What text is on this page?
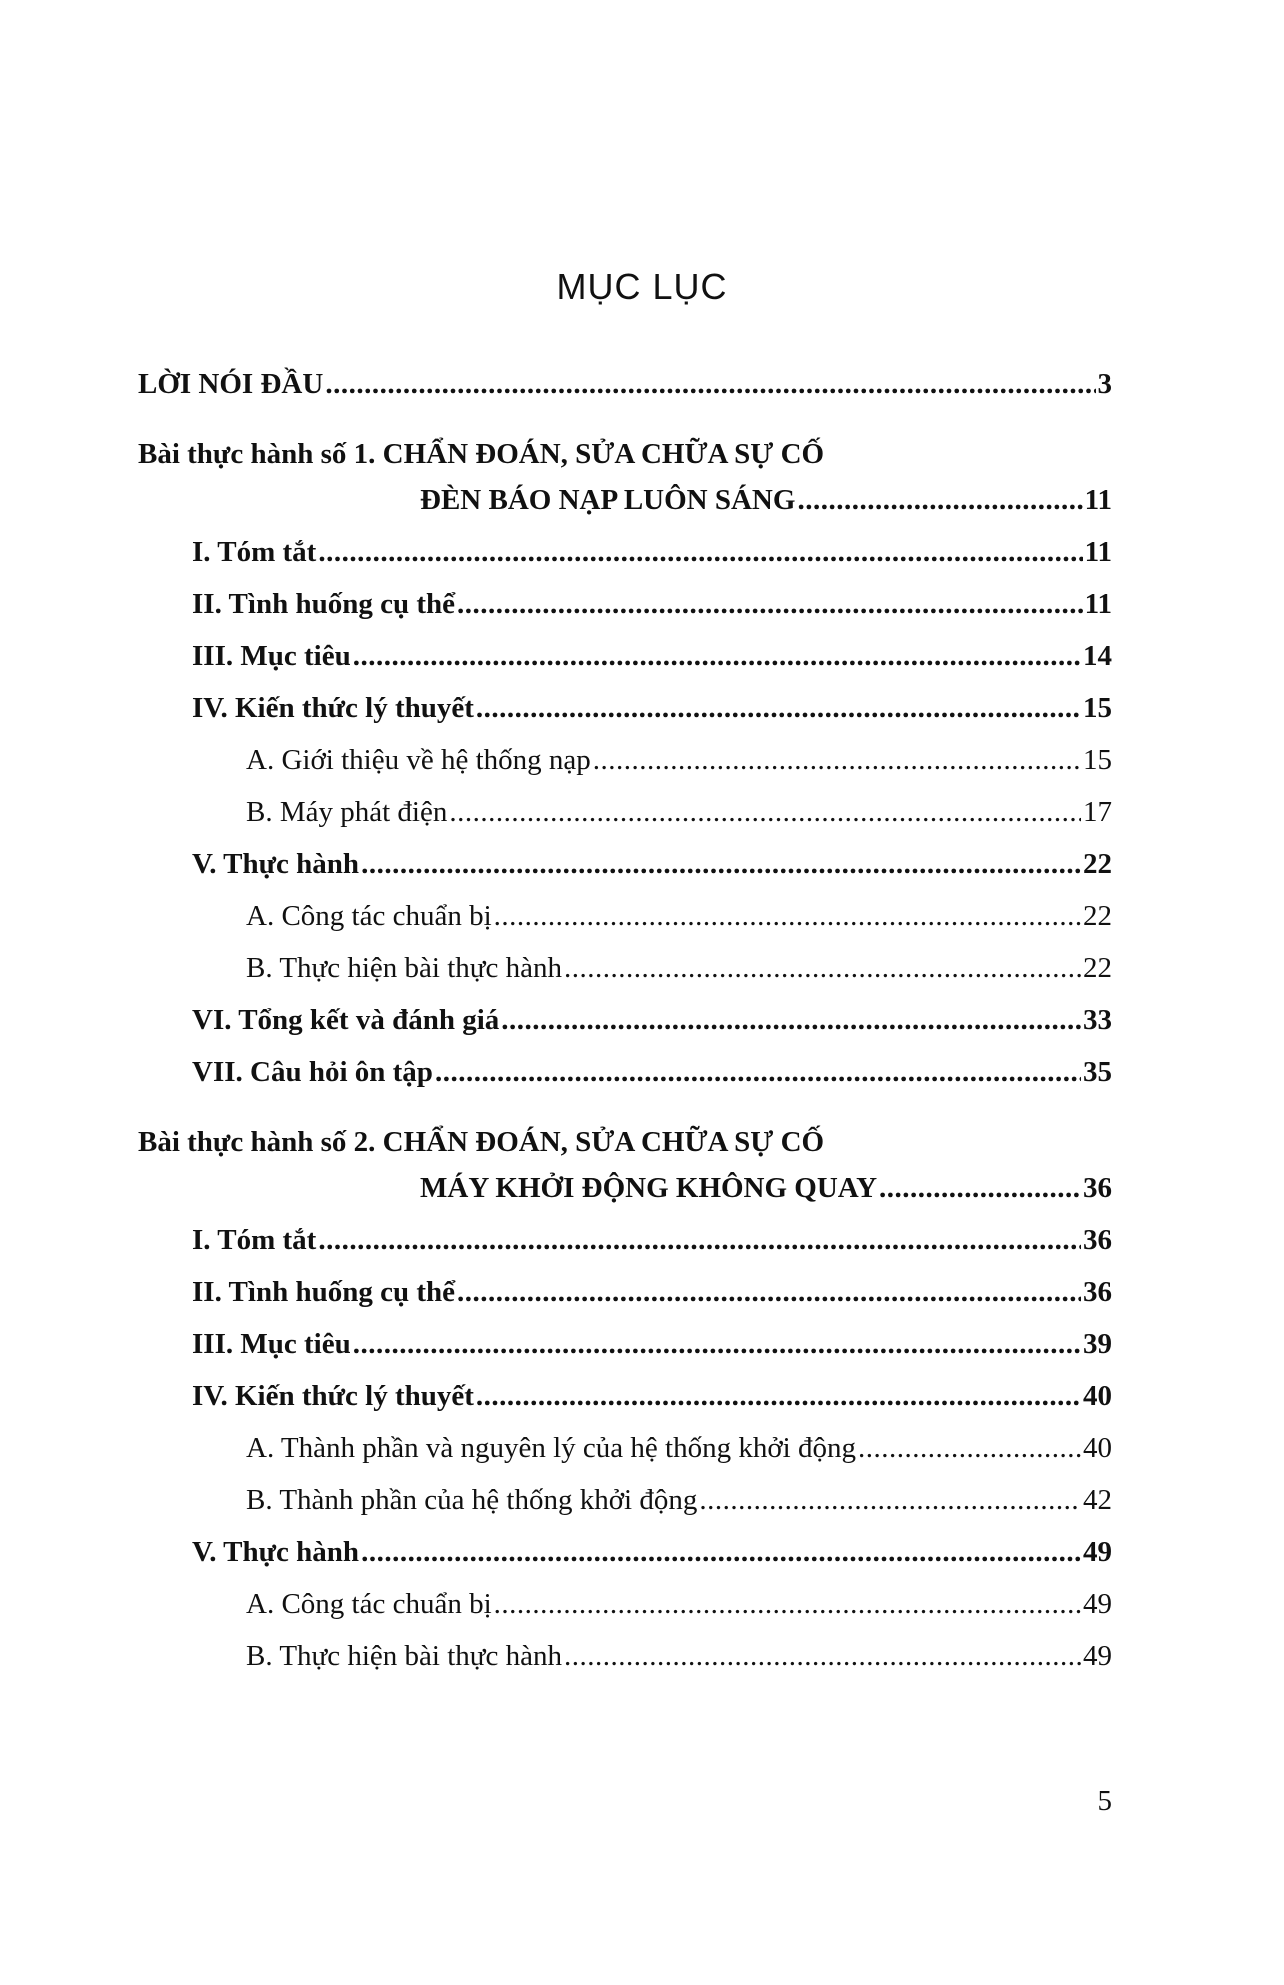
MỤC LỤC
LỜI NÓI ĐẦU .....	3
Bài thực hành số 1. CHẨN ĐOÁN, SỬA CHỮA SỰ CỐ
ĐÈN BÁO NẠP LUÔN SÁNG .....	11
I. Tóm tắt .....	11
II. Tình huống cụ thể .....	11
III. Mục tiêu .....	14
IV. Kiến thức lý thuyết .....	15
A. Giới thiệu về hệ thống nạp .....	15
B. Máy phát điện .....	17
V. Thực hành .....	22
A. Công tác chuẩn bị .....	22
B. Thực hiện bài thực hành .....	22
VI. Tổng kết và đánh giá .....	33
VII. Câu hỏi ôn tập .....	35
Bài thực hành số 2. CHẨN ĐOÁN, SỬA CHỮA SỰ CỐ
MÁY KHỞI ĐỘNG KHÔNG QUAY .....	36
I. Tóm tắt .....	36
II. Tình huống cụ thể .....	36
III. Mục tiêu .....	39
IV. Kiến thức lý thuyết .....	40
A. Thành phần và nguyên lý của hệ thống khởi động .....	40
B. Thành phần của hệ thống khởi động .....	42
V. Thực hành .....	49
A. Công tác chuẩn bị .....	49
B. Thực hiện bài thực hành .....	49
5
